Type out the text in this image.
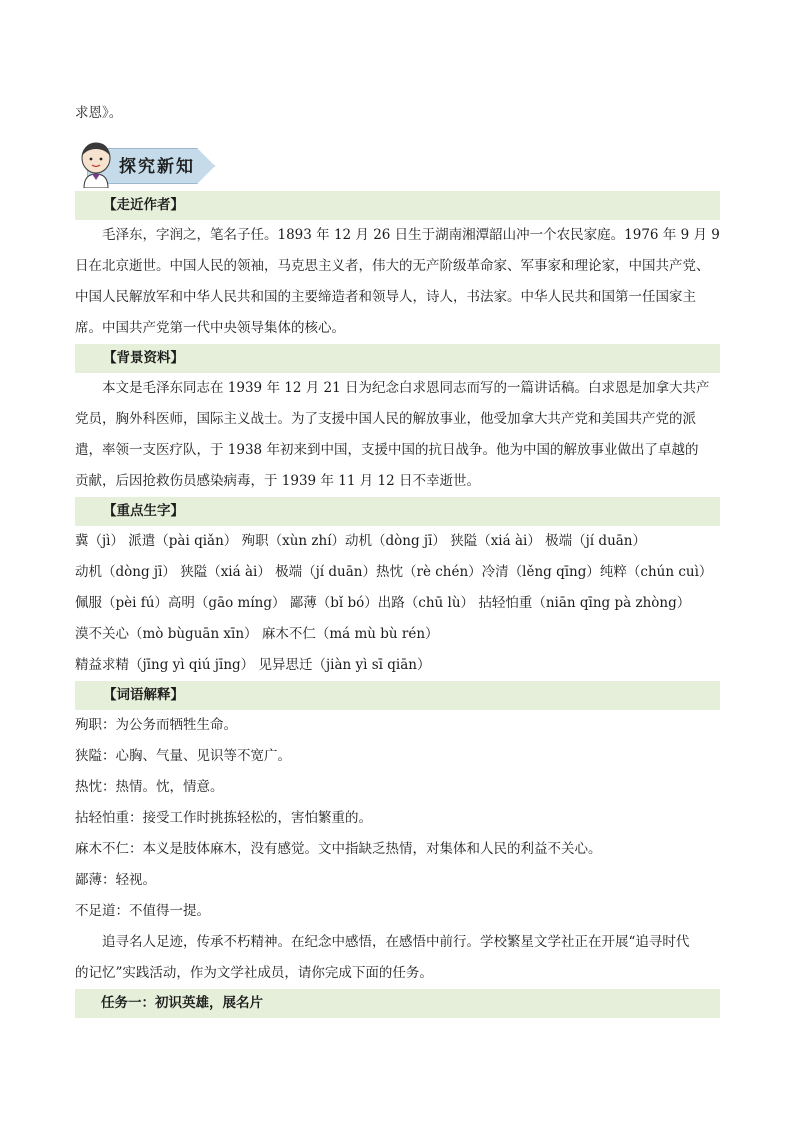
求恩》。
探究新知
【走近作者】
毛泽东，字润之，笔名子任。1893 年 12 月 26 日生于湖南湘潭韶山冲一个农民家庭。1976 年 9 月 9
日在北京逝世。中国人民的领袖，马克思主义者，伟大的无产阶级革命家、军事家和理论家，中国共产党、
中国人民解放军和中华人民共和国的主要缔造者和领导人，诗人，书法家。中华人民共和国第一任国家主
席。中国共产党第一代中央领导集体的核心。
【背景资料】
本文是毛泽东同志在 1939 年 12 月 21 日为纪念白求恩同志而写的一篇讲话稿。白求恩是加拿大共产
党员，胸外科医师，国际主义战士。为了支援中国人民的解放事业，他受加拿大共产党和美国共产党的派
遣，率领一支医疗队，于 1938 年初来到中国，支援中国的抗日战争。他为中国的解放事业做出了卓越的
贡献，后因抢救伤员感染病毒，于 1939 年 11 月 12 日不幸逝世。
【重点生字】
冀（jì） 派遣（pài qiǎn） 殉职（xùn zhí）动机（dòng jī） 狭隘（xiá ài） 极端（jí duān）
动机（dòng jī） 狭隘（xiá ài） 极端（jí duān）热忱（rè chén）冷清（lěng qīng）纯粹（chún cuì）
佩服（pèi fú）高明（gāo míng） 鄙薄（bǐ bó）出路（chū lù） 拈轻怕重（niān qīng pà zhòng）
漠不关心（mò bùguān xīn） 麻木不仁（má mù bù rén）
精益求精（jīng yì qiú jīng） 见异思迁（jiàn yì sī qiān）
【词语解释】
殉职：为公务而牺牲生命。
狭隘：心胸、气量、见识等不宽广。
热忱：热情。忱，情意。
拈轻怕重：接受工作时挑拣轻松的，害怕繁重的。
麻木不仁：本义是肢体麻木，没有感觉。文中指缺乏热情，对集体和人民的利益不关心。
鄙薄：轻视。
不足道：不值得一提。
追寻名人足迹，传承不朽精神。在纪念中感悟，在感悟中前行。学校繁星文学社正在开展“追寻时代
的记忆”实践活动，作为文学社成员，请你完成下面的任务。
任务一：初识英雄，展名片
